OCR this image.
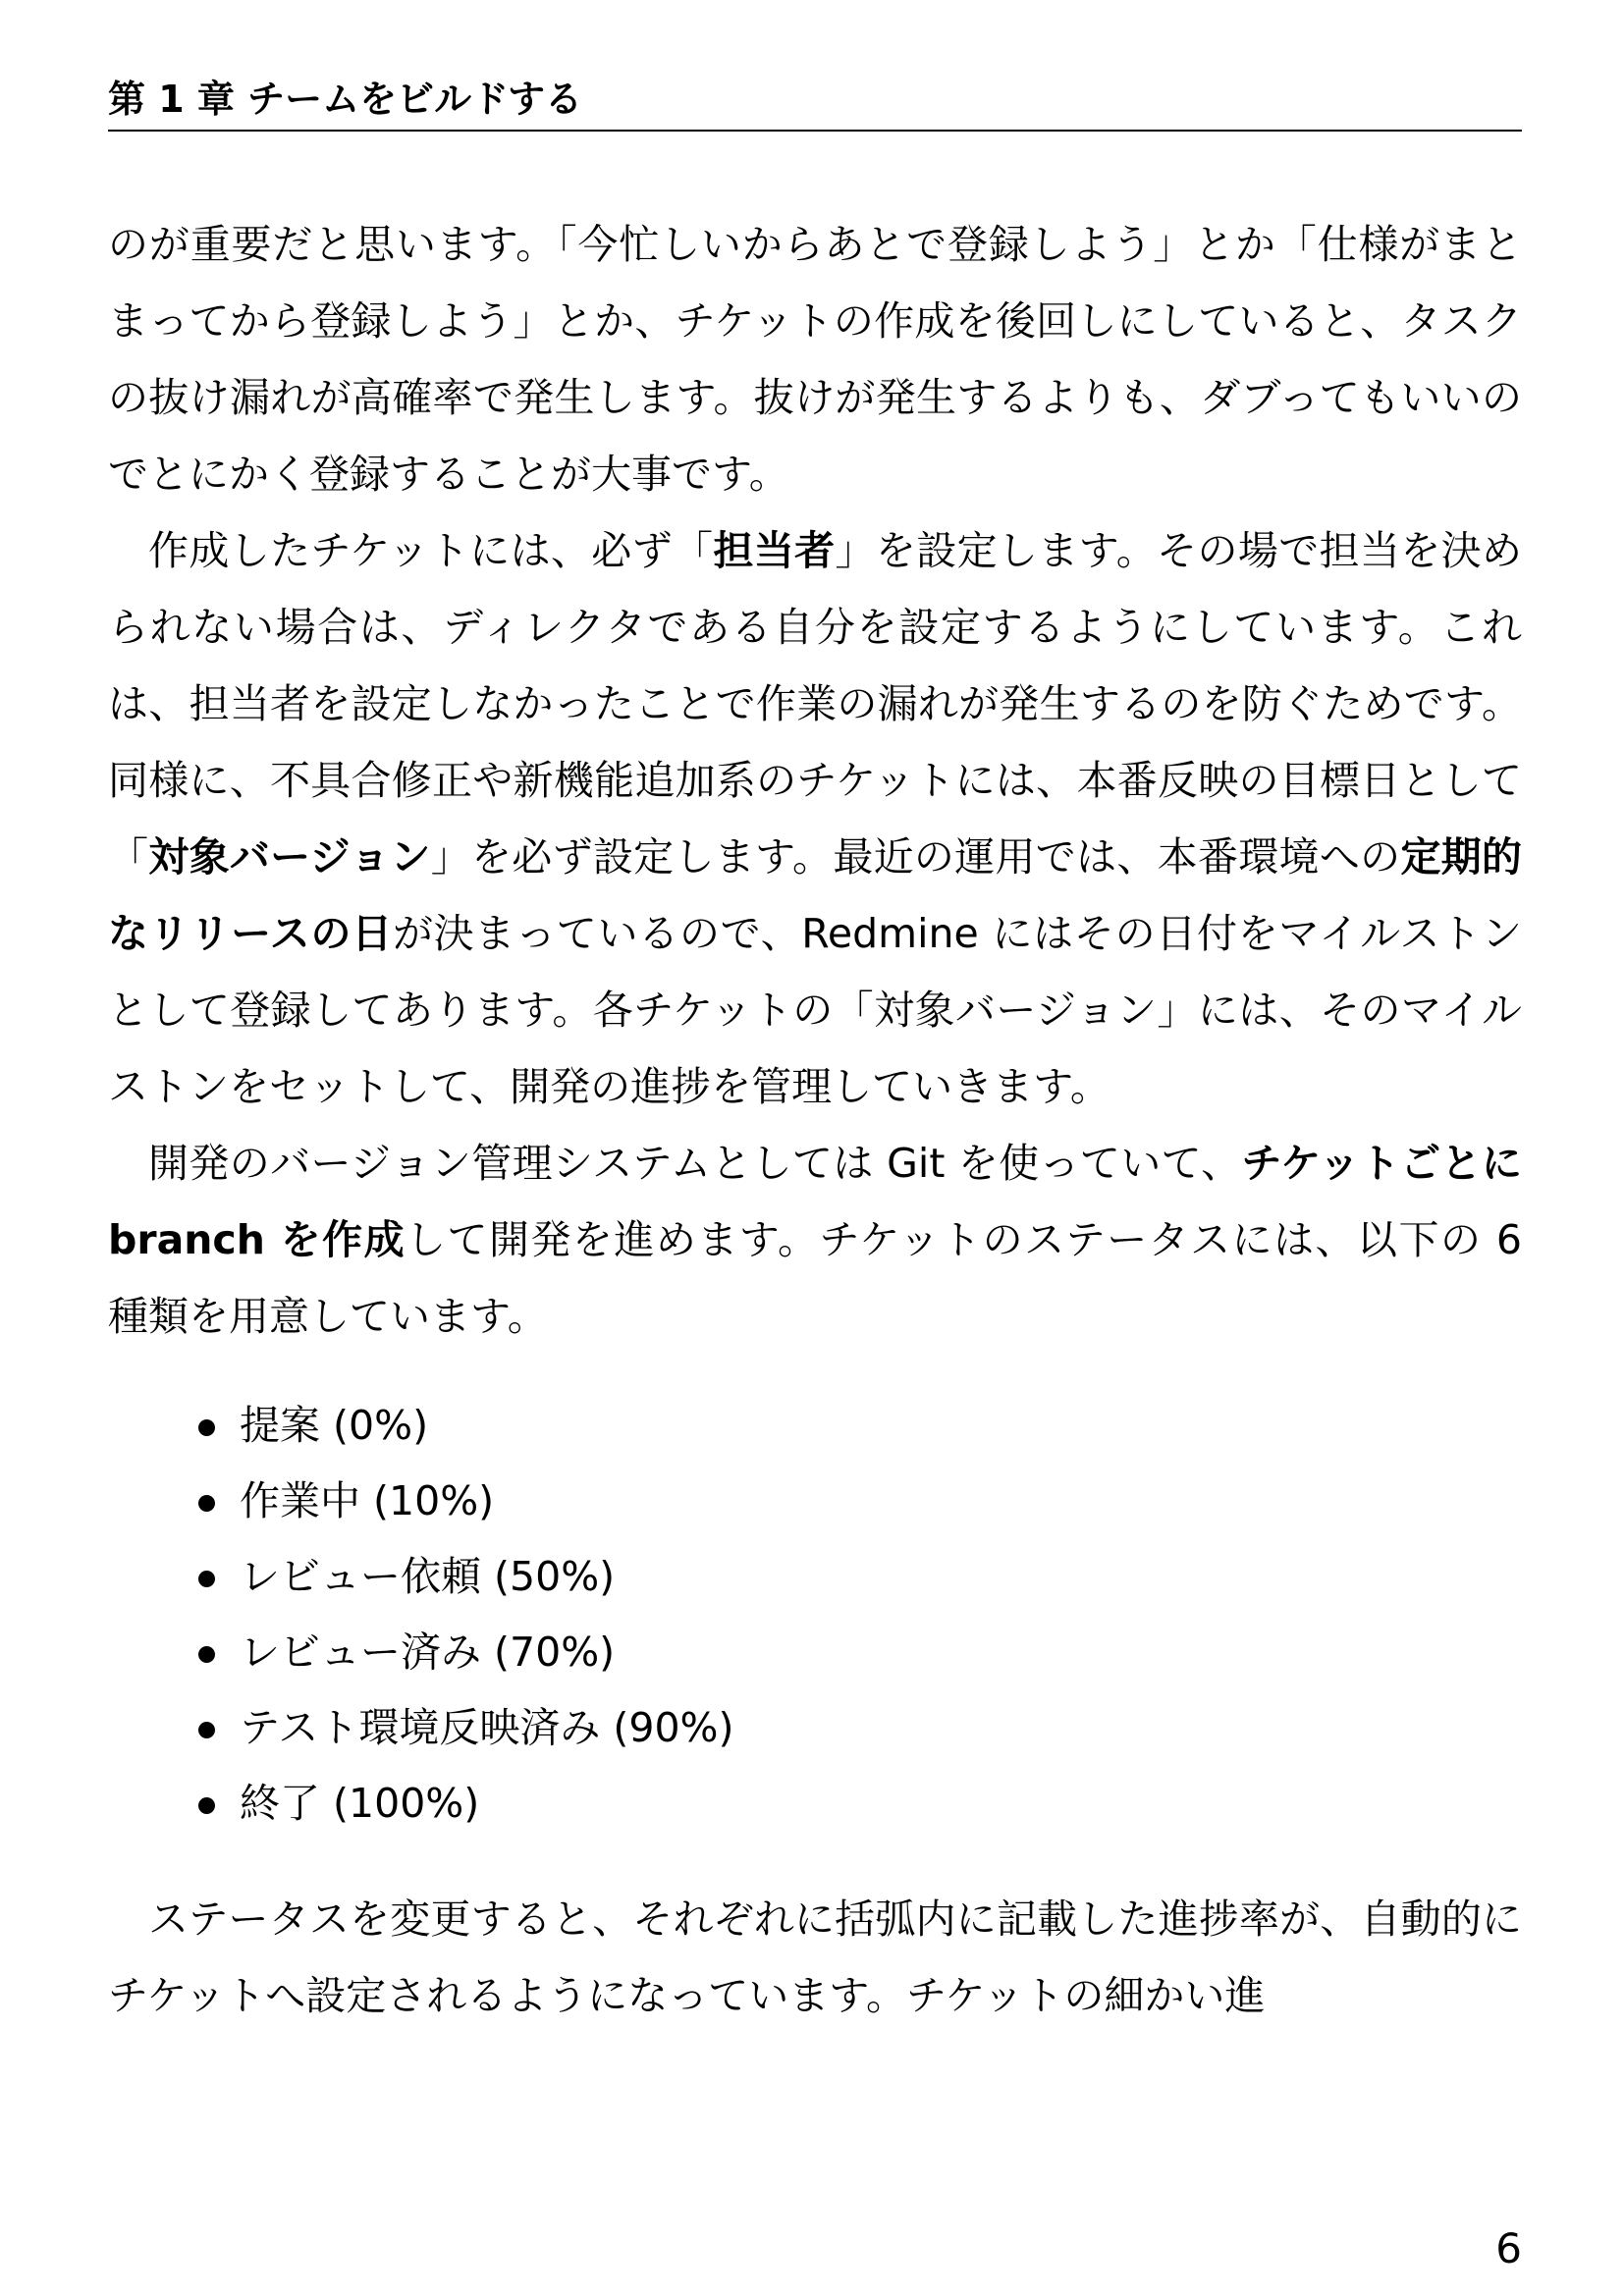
第 1 章 チームをビルドする

のが重要だと思います。「今忙しいからあとで登録しよう」とか「仕様がまとまってから登録しよう」とか、チケットの作成を後回しにしていると、タスクの抜け漏れが高確率で発生します。抜けが発生するよりも、ダブってもいいのでとにかく登録することが大事です。

作成したチケットには、必ず「担当者」を設定します。その場で担当を決められない場合は、ディレクタである自分を設定するようにしています。これは、担当者を設定しなかったことで作業の漏れが発生するのを防ぐためです。同様に、不具合修正や新機能追加系のチケットには、本番反映の目標日として「対象バージョン」を必ず設定します。最近の運用では、本番環境への定期的なリリースの日が決まっているので、Redmine にはその日付をマイルストンとして登録してあります。各チケットの「対象バージョン」には、そのマイルストンをセットして、開発の進捗を管理していきます。

開発のバージョン管理システムとしては Git を使っていて、チケットごとに branch を作成して開発を進めます。チケットのステータスには、以下の 6 種類を用意しています。

提案 (0%)
作業中 (10%)
レビュー依頼 (50%)
レビュー済み (70%)
テスト環境反映済み (90%)
終了 (100%)

ステータスを変更すると、それぞれに括弧内に記載した進捗率が、自動的にチケットへ設定されるようになっています。チケットの細かい進

6
